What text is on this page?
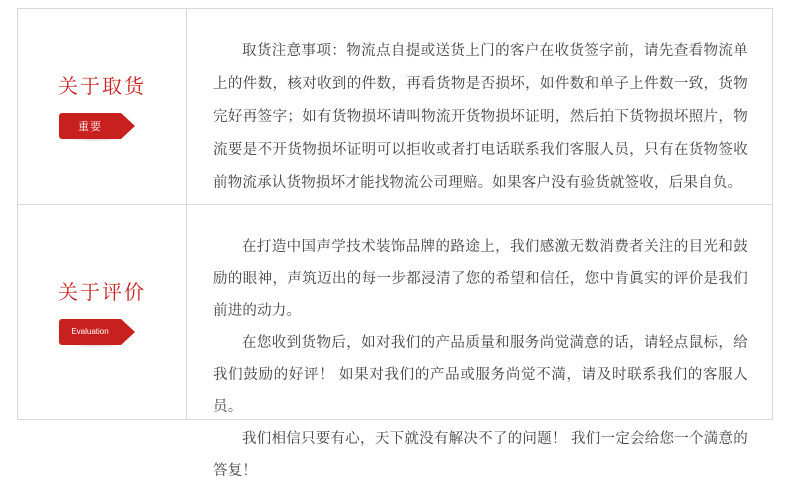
关于取货
重要

取货注意事项：物流点自提或送货上门的客户在收货签字前，请先查看物流单上的件数，核对收到的件数，再看货物是否损坏，如件数和单子上件数一致，货物完好再签字；如有货物损坏请叫物流开货物损坏证明，然后拍下货物损坏照片，物流要是不开货物损坏证明可以拒收或者打电话联系我们客服人员，只有在货物签收前物流承认货物损坏才能找物流公司理赔。如果客户没有验货就签收，后果自负。

关于评价
Evaluation

在打造中国声学技术装饰品牌的路途上，我们感激无数消费者关注的目光和鼓励的眼神，声筑迈出的每一步都浸清了您的希望和信任，您中肯眞实的评价是我们前进的动力。

在您收到货物后，如对我们的产品质量和服务尚觉満意的话，请轻点鼠标，给我们鼓励的好评！ 如果对我们的产品或服务尚觉不満，请及时联系我们的客服人员。

我们相信只要有心，天下就没有解决不了的问题！ 我们一定会给您一个満意的答复！
